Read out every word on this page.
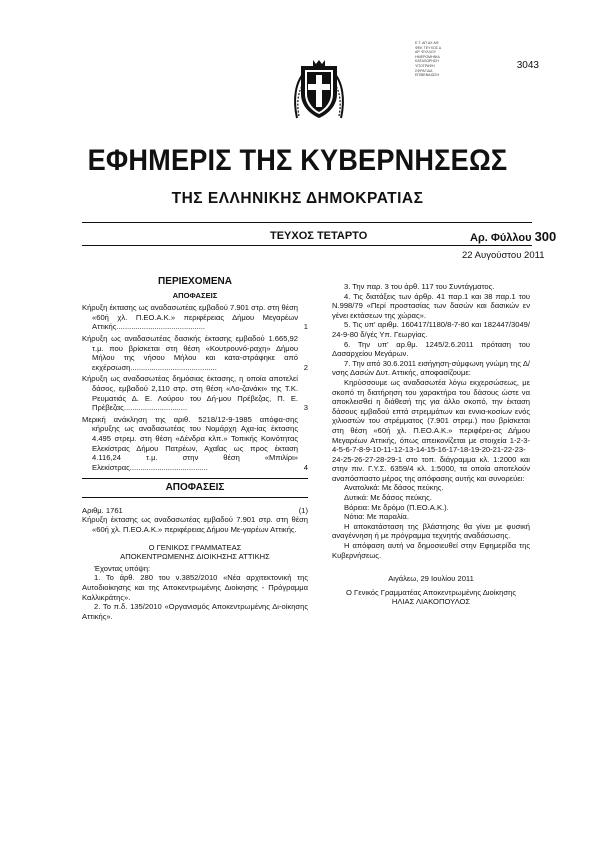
Ε.Τ. ΑΠ ΑΧ ΑΦ
ΦΕΚ ΤΕΥΧΟΣ Δ
ΑΡ. ΦΥΛΛΟΥ
ΗΜΕΡΟΜΗΝΙΑ
ΚΑΤΑΧΩΡΗΣΗ
ΥΠΟΓΡΑΦΗ
ΣΦΡΑΓΙΔΑ
ΕΠΙΒΕΒΑΙΩΣΗ
3043
ΕΦΗΜΕΡΙΣ ΤΗΣ ΚΥΒΕΡΝΗΣΕΩΣ
ΤΗΣ ΕΛΛΗΝΙΚΗΣ ΔΗΜΟΚΡΑΤΙΑΣ
ΤΕΥΧΟΣ ΤΕΤΑΡΤΟ	Αρ. Φύλλου 300
22 Αυγούστου 2011
ΠΕΡΙΕΧΟΜΕΝΑ
ΑΠΟΦΑΣΕΙΣ

Κήρυξη έκτασης ως αναδασωτέας εμβαδού 7.901 στρ. στη θέση «60ή χλ. Π.ΕΟ.Α.Κ.» περιφέρειας Δήμου Μεγαρέων Αττικής..........................................	1

Κήρυξη ως αναδασωτέας δασικής έκτασης εμβαδού 1.665,92 τ.μ. που βρίσκεται στη θέση «Κουτρουνό-ραχη» Δήμου Μήλου της νήσου Μήλου και κατα-στράφηκε από εκχέρσωση.........................................	2

Κήρυξη ως αναδασωτέας δημόσιας έκτασης, η οποία αποτελεί δάσος, εμβαδού 2,110 στρ. στη θέση «Λο-ζανάκι» της Τ.Κ. Ρευματιάς Δ. Ε. Λούρου του Δή-μου Πρέβεζας, Π. Ε. Πρέβεζας..............................	3

Μερική ανάκληση της αριθ. 5218/12-9-1985 απόφα-σης κήρυξης ως αναδασωτέας του Νομάρχη Αχα-ίας έκτασης 4.495 στρεμ. στη θέση «Δένδρα κλπ.» Τοπικής Κοινότητας Ελεκίστρας Δήμου Πατρέων, Αχαΐας ως προς έκταση 4.116,24 τ.μ. στην θέση «Μπιλίρι» Ελεκίστρας.....................................	4
ΑΠΟΦΑΣΕΙΣ
Αριθμ. 1761	(1)

Κήρυξη έκτασης ως αναδασωτέας εμβαδού 7.901 στρ. στη θέση «60ή χλ. Π.ΕΟ.Α.Κ.» περιφέρειας Δήμου Με-γαρέων Αττικής.

Ο ΓΕΝΙΚΟΣ ΓΡΑΜΜΑΤΕΑΣ

ΑΠΟΚΕΝΤΡΩΜΕΝΗΣ ΔΙΟΙΚΗΣΗΣ ΑΤΤΙΚΗΣ

Έχοντας υπόψη:

1. Το άρθ. 280 του ν.3852/2010 «Νέα αρχιτεκτονική της Αυτοδιοίκησης και της Αποκεντρωμένης Διοίκησης - Πρόγραμμα Καλλικράτης».

2. Το π.δ. 135/2010 «Οργανισμός Αποκεντρωμένης Δι-οίκησης Αττικής».

3. Την παρ. 3 του άρθ. 117 του Συντάγματος.

4. Τις διατάξεις των άρθρ. 41 παρ.1 και 38 παρ.1 του Ν.998/79 «Περί προστασίας των δασών και δασικών εν γένει εκτάσεων της χώρας».

5. Τις υπ' αριθμ. 160417/1180/8-7-80 και 182447/3049/ 24-9-80 δ/γές Υπ. Γεωργίας.

6. Την υπ' αρ.θμ. 1245/2.6.2011 πρόταση του Δασαρχείου Μεγάρων.

7. Την από 30.6.2011 εισήγηση-σύμφωνη γνώμη της Δ/νσης Δασών Δυτ. Αττικής, αποφασίζουμε:

Κηρύσσουμε ως αναδασωτέα λόγω εκχερσώσεως, με σκοπό τη διατήρηση του χαρακτήρα του δάσους ώστε να αποκλεισθεί η διάθεσή της για άλλο σκοπό, την έκταση δάσους εμβαδού επτά στρεμμάτων και εννια-κοσίων ενός χιλιοστών του στρέμματος (7.901 στρεμ.) που βρίσκεται στη θέση «60ή χλ. Π.ΕΟ.Α.Κ.» περιφέρει-ας Δήμου Μεγαρέων Αττικής, όπως απεικονίζεται με στοιχεία 1-2-3-4-5-6-7-8-9-10-11-12-13-14-15-16-17-18-19-20-21-22-23-24-25-26-27-28-29-1 στο τοπ. διάγραμμα κλ. 1:2000 και στην πιν. Γ.Υ.Σ. 6359/4 κλ. 1:5000, τα οποία αποτελούν αναπόσπαστο μέρος της απόφασης αυτής και συνορεύει:

Ανατολικά: Με δάσος πεύκης.

Δυτικά: Με δάσος πεύκης.

Βόρεια: Με δρόμο (Π.ΕΟ.Α.Κ.).

Νότια: Με παραλία.

Η αποκατάσταση της βλάστησης θα γίνει με φυσική αναγέννηση ή με πρόγραμμα τεχνητής αναδάσωσης.

Η απόφαση αυτή να δημοσιευθεί στην Εφημερίδα της Κυβερνήσεως.

Αιγάλεω, 29 Ιουλίου 2011

Ο Γενικός Γραμματέας Αποκεντρωμένης Διοίκησης

ΗΛΙΑΣ ΛΙΑΚΟΠΟΥΛΟΣ
